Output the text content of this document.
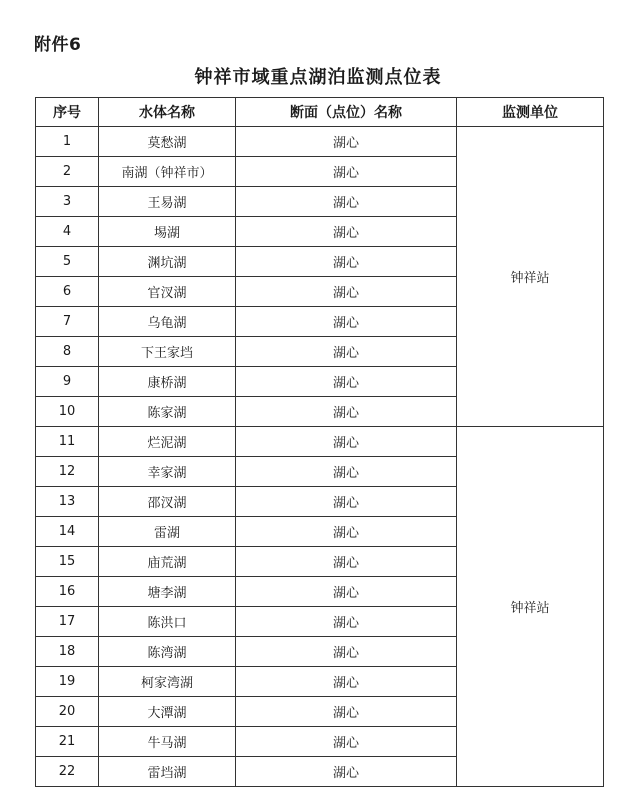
附件6
钟祥市域重点湖泊监测点位表
序号	水体名称	断面（点位）名称	监测单位
1	莫愁湖	湖心	钟祥站
2	南湖（钟祥市）	湖心	
3	王易湖	湖心	
4	埸湖	湖心	
5	渊坑湖	湖心	
6	官汊湖	湖心	
7	乌龟湖	湖心	
8	下王家垱	湖心	
9	康桥湖	湖心	
10	陈家湖	湖心	
11	烂泥湖	湖心	钟祥站
12	幸家湖	湖心	
13	邵汊湖	湖心	
14	雷湖	湖心	
15	庙荒湖	湖心	
16	塘李湖	湖心	
17	陈洪口	湖心	
18	陈湾湖	湖心	
19	柯家湾湖	湖心	
20	大潭湖	湖心	
21	牛马湖	湖心	
22	雷垱湖	湖心	
